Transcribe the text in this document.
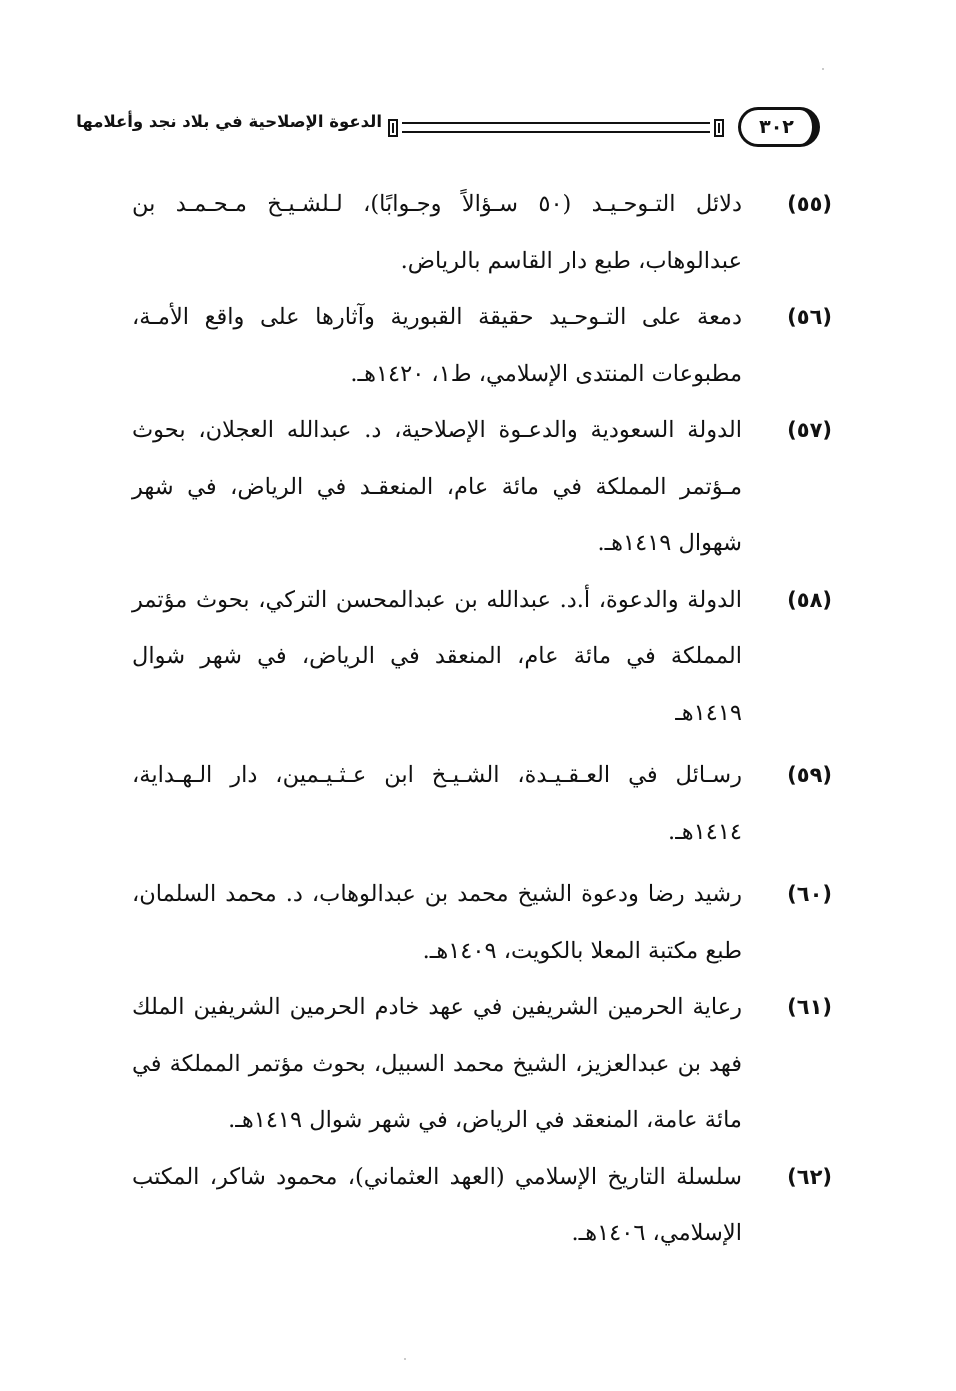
٣٠٢
الدعوة الإصلاحية في بلاد نجد وأعلامها
(٥٥)
دلائل التـوحـيـد (٥٠ سـؤالاً وجـوابًا)، لـلشـيـخ مـحـمـد بن عبدالوهاب، طبع دار القاسم بالرياض.
(٥٦)
دمعة على التـوحـيد حقيقة القبورية وآثارها على واقع الأمـة، مطبوعات المنتدى الإسلامي، ط١، ١٤٢٠هـ.
(٥٧)
الدولة السعودية والدعـوة الإصلاحية، د. عبدالله العجلان، بحوث مـؤتمر المملكة في مائة عام، المنعقـد في الرياض، في شهر شهوال ١٤١٩هـ.
(٥٨)
الدولة والدعوة، أ.د. عبدالله بن عبدالمحسن التركي، بحوث مؤتمر المملكة في مائة عام، المنعقد في الرياض، في شهر شوال ١٤١٩هـ
(٥٩)
رسـائل في العـقـيـدة، الشـيـخ ابن عـثـيـمين، دار الـهـداية، ١٤١٤هـ.
(٦٠)
رشيد رضا ودعوة الشيخ محمد بن عبدالوهاب، د. محمد السلمان، طبع مكتبة المعلا بالكويت، ١٤٠٩هـ.
(٦١)
رعاية الحرمين الشريفين في عهد خادم الحرمين الشريفين الملك فهد بن عبدالعزيز، الشيخ محمد السبيل، بحوث مؤتمر المملكة في مائة عامة، المنعقد في الرياض، في شهر شوال ١٤١٩هـ.
(٦٢)
سلسلة التاريخ الإسلامي (العهد العثماني)، محمود شاكر، المكتب الإسلامي، ١٤٠٦هـ.
